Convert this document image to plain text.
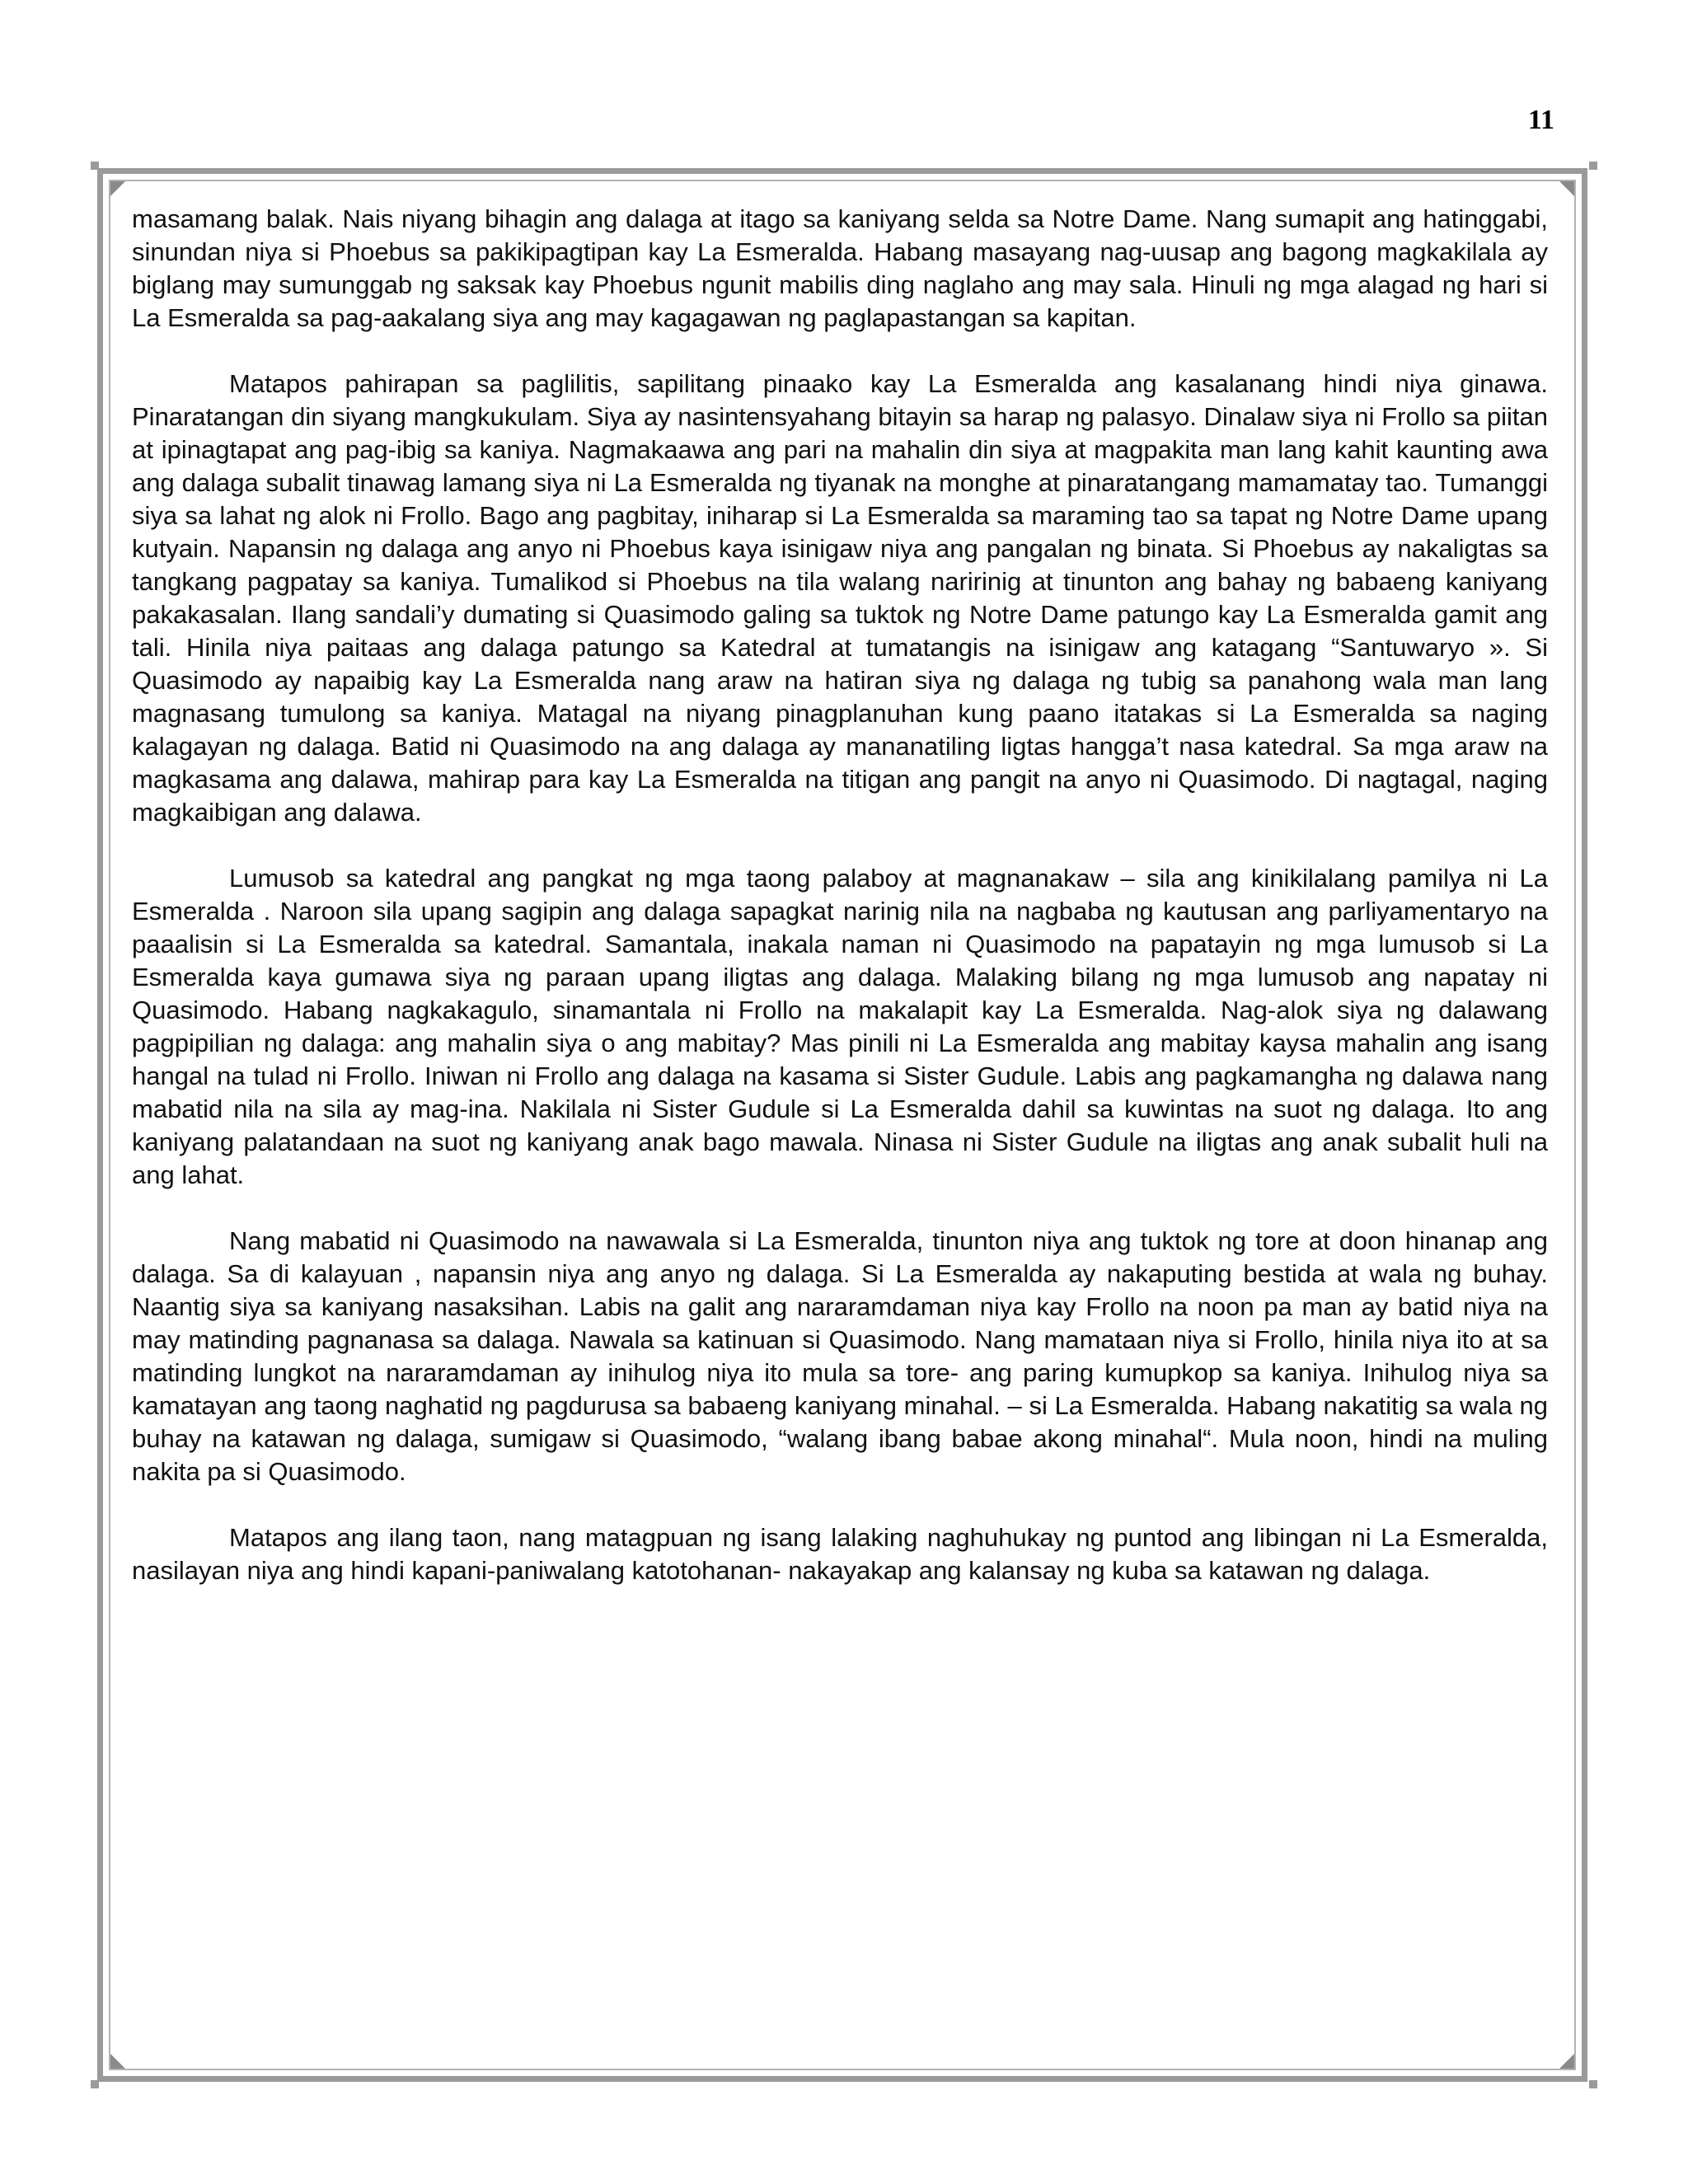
11

masamang balak. Nais niyang bihagin ang dalaga at itago sa kaniyang selda sa Notre Dame. Nang sumapit ang hatinggabi, sinundan niya si Phoebus sa pakikipagtipan kay La Esmeralda. Habang masayang nag-uusap ang bagong magkakilala ay biglang may sumunggab ng saksak kay Phoebus ngunit mabilis ding naglaho ang may sala. Hinuli ng mga alagad ng hari si La Esmeralda sa pag-aakalang siya ang may kagagawan ng paglapastangan sa kapitan.

Matapos pahirapan sa paglilitis, sapilitang pinaako kay La Esmeralda ang kasalanang hindi niya ginawa. Pinaratangan din siyang mangkukulam. Siya ay nasintensyahang bitayin sa harap ng palasyo. Dinalaw siya ni Frollo sa piitan at ipinagtapat ang pag-ibig sa kaniya. Nagmakaawa ang pari na mahalin din siya at magpakita man lang kahit kaunting awa ang dalaga subalit tinawag lamang siya ni La Esmeralda ng tiyanak na monghe at pinaratangang mamamatay tao. Tumanggi siya sa lahat ng alok ni Frollo. Bago ang pagbitay, iniharap si La Esmeralda sa maraming tao sa tapat ng Notre Dame upang kutyain. Napansin ng dalaga ang anyo ni Phoebus kaya isinigaw niya ang pangalan ng binata. Si Phoebus ay nakaligtas sa tangkang pagpatay sa kaniya. Tumalikod si Phoebus na tila walang naririnig at tinunton ang bahay ng babaeng kaniyang pakakasalan. Ilang sandali’y dumating si Quasimodo galing sa tuktok ng Notre Dame patungo kay La Esmeralda gamit ang tali. Hinila niya paitaas ang dalaga patungo sa Katedral at tumatangis na isinigaw ang katagang “Santuwaryo ». Si Quasimodo ay napaibig kay La Esmeralda nang araw na hatiran siya ng dalaga ng tubig sa panahong wala man lang magnasang tumulong sa kaniya. Matagal na niyang pinagplanuhan kung paano itatakas si La Esmeralda sa naging kalagayan ng dalaga. Batid ni Quasimodo na ang dalaga ay mananatiling ligtas hangga’t nasa katedral. Sa mga araw na magkasama ang dalawa, mahirap para kay La Esmeralda na titigan ang pangit na anyo ni Quasimodo. Di nagtagal, naging magkaibigan ang dalawa.

Lumusob sa katedral ang pangkat ng mga taong palaboy at magnanakaw – sila ang kinikilalang pamilya ni La Esmeralda . Naroon sila upang sagipin ang dalaga sapagkat narinig nila na nagbaba ng kautusan ang parliyamentaryo na paaalisin si La Esmeralda sa katedral. Samantala, inakala naman ni Quasimodo na papatayin ng mga lumusob si La Esmeralda kaya gumawa siya ng paraan upang iligtas ang dalaga. Malaking bilang ng mga lumusob ang napatay ni Quasimodo. Habang nagkakagulo, sinamantala ni Frollo na makalapit kay La Esmeralda. Nag-alok siya ng dalawang pagpipilian ng dalaga: ang mahalin siya o ang mabitay? Mas pinili ni La Esmeralda ang mabitay kaysa mahalin ang isang hangal na tulad ni Frollo. Iniwan ni Frollo ang dalaga na kasama si Sister Gudule. Labis ang pagkamangha ng dalawa nang mabatid nila na sila ay mag-ina. Nakilala ni Sister Gudule si La Esmeralda dahil sa kuwintas na suot ng dalaga. Ito ang kaniyang palatandaan na suot ng kaniyang anak bago mawala. Ninasa ni Sister Gudule na iligtas ang anak subalit huli na ang lahat.

Nang mabatid ni Quasimodo na nawawala si La Esmeralda, tinunton niya ang tuktok ng tore at doon hinanap ang dalaga. Sa di kalayuan , napansin niya ang anyo ng dalaga. Si La Esmeralda ay nakaputing bestida at wala ng buhay. Naantig siya sa kaniyang nasaksihan. Labis na galit ang nararamdaman niya kay Frollo na noon pa man ay batid niya na may matinding pagnanasa sa dalaga. Nawala sa katinuan si Quasimodo. Nang mamataan niya si Frollo, hinila niya ito at sa matinding lungkot na nararamdaman ay inihulog niya ito mula sa tore- ang paring kumupkop sa kaniya. Inihulog niya sa kamatayan ang taong naghatid ng pagdurusa sa babaeng kaniyang minahal. – si La Esmeralda. Habang nakatitig sa wala ng buhay na katawan ng dalaga, sumigaw si Quasimodo, “walang ibang babae akong minahal“. Mula noon, hindi na muling nakita pa si Quasimodo.

Matapos ang ilang taon, nang matagpuan ng isang lalaking naghuhukay ng puntod ang libingan ni La Esmeralda, nasilayan niya ang hindi kapani-paniwalang katotohanan- nakayakap ang kalansay ng kuba sa katawan ng dalaga.
